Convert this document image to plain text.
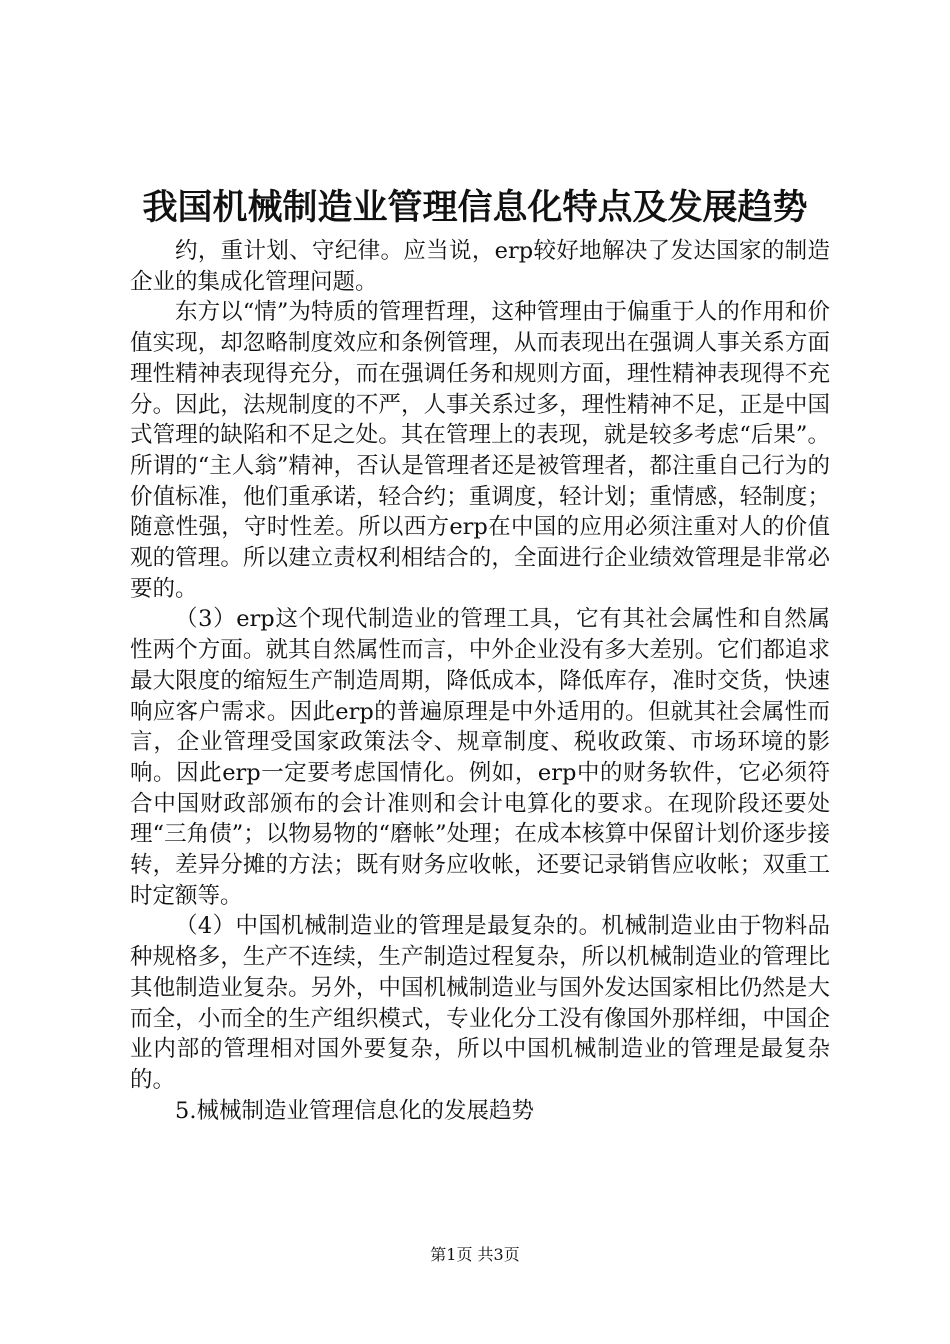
我国机械制造业管理信息化特点及发展趋势

约，重计划、守纪律。应当说，erp较好地解决了发达国家的制造企业的集成化管理问题。

东方以“情”为特质的管理哲理，这种管理由于偏重于人的作用和价值实现，却忽略制度效应和条例管理，从而表现出在强调人事关系方面理性精神表现得充分，而在强调任务和规则方面，理性精神表现得不充分。因此，法规制度的不严，人事关系过多，理性精神不足，正是中国式管理的缺陷和不足之处。其在管理上的表现，就是较多考虑“后果”。所谓的“主人翁”精神，否认是管理者还是被管理者，都注重自己行为的价值标准，他们重承诺，轻合约；重调度，轻计划；重情感，轻制度；随意性强，守时性差。所以西方erp在中国的应用必须注重对人的价值观的管理。所以建立责权利相结合的，全面进行企业绩效管理是非常必要的。

（3）erp这个现代制造业的管理工具，它有其社会属性和自然属性两个方面。就其自然属性而言，中外企业没有多大差别。它们都追求最大限度的缩短生产制造周期，降低成本，降低库存，准时交货，快速响应客户需求。因此erp的普遍原理是中外适用的。但就其社会属性而言，企业管理受国家政策法令、规章制度、税收政策、市场环境的影响。因此erp一定要考虑国情化。例如，erp中的财务软件，它必须符合中国财政部颁布的会计准则和会计电算化的要求。在现阶段还要处理“三角债”；以物易物的“磨帐”处理；在成本核算中保留计划价逐步接转，差异分摊的方法；既有财务应收帐，还要记录销售应收帐；双重工时定额等。

（4）中国机械制造业的管理是最复杂的。机械制造业由于物料品种规格多，生产不连续，生产制造过程复杂，所以机械制造业的管理比其他制造业复杂。另外，中国机械制造业与国外发达国家相比仍然是大而全，小而全的生产组织模式，专业化分工没有像国外那样细，中国企业内部的管理相对国外要复杂，所以中国机械制造业的管理是最复杂的。

5.械械制造业管理信息化的发展趋势

第1页 共3页
